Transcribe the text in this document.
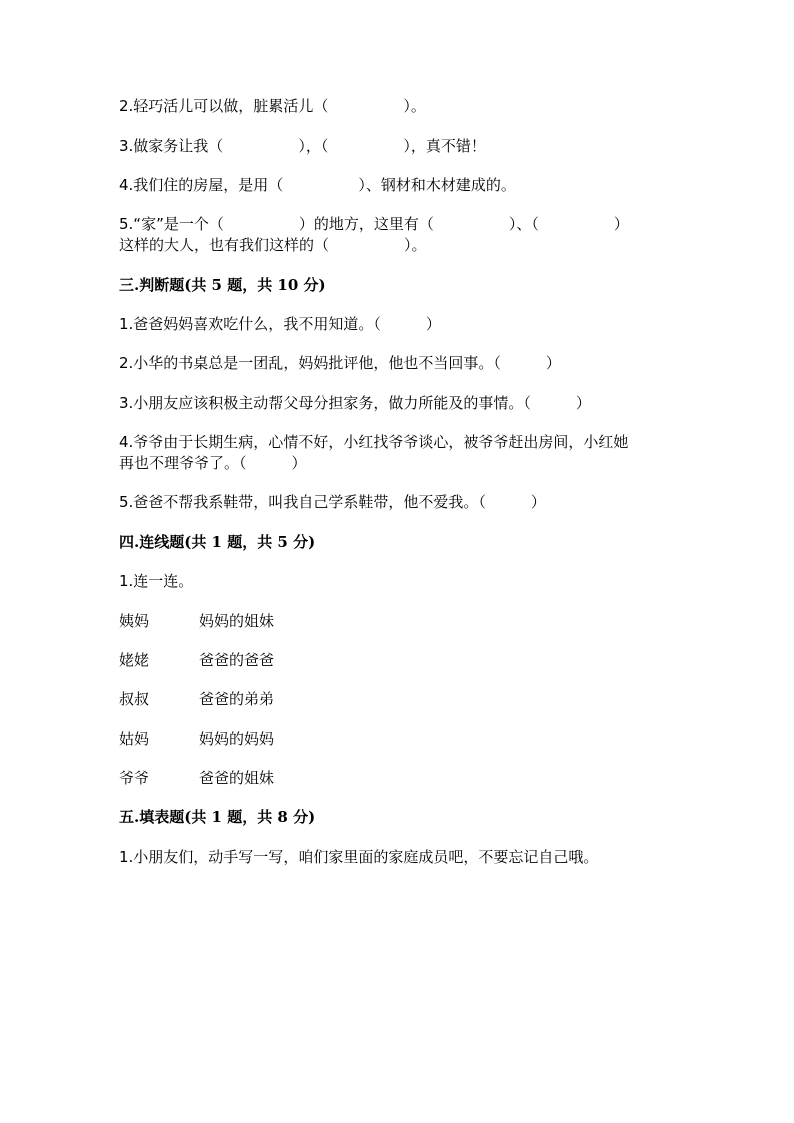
2.轻巧活儿可以做，脏累活儿（　　　　　）。

3.做家务让我（　　　　　），（　　　　　），真不错！

4.我们住的房屋，是用（　　　　　）、钢材和木材建成的。

5.“家”是一个（　　　　　）的地方，这里有（　　　　　）、（　　　　　）

这样的大人，也有我们这样的（　　　　　）。

三.判断题(共 5 题，共 10 分)

1.爸爸妈妈喜欢吃什么，我不用知道。（　　　）

2.小华的书桌总是一团乱，妈妈批评他，他也不当回事。（　　　）

3.小朋友应该积极主动帮父母分担家务，做力所能及的事情。（　　　）

4.爷爷由于长期生病，心情不好，小红找爷爷谈心，被爷爷赶出房间，小红她

再也不理爷爷了。（　　　）

5.爸爸不帮我系鞋带，叫我自己学系鞋带，他不爱我。（　　　）

四.连线题(共 1 题，共 5 分)

1.连一连。

姨妈	妈妈的姐妹
姥姥	爸爸的爸爸
叔叔	爸爸的弟弟
姑妈	妈妈的妈妈
爷爷	爸爸的姐妹

五.填表题(共 1 题，共 8 分)

1.小朋友们，动手写一写，咱们家里面的家庭成员吧，不要忘记自己哦。
